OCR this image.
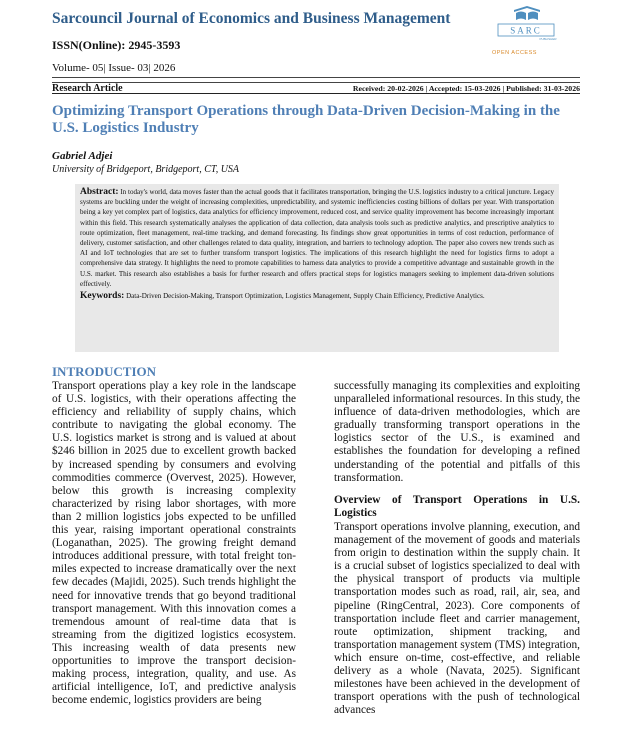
Sarcouncil Journal of Economics and Business Management
ISSN(Online): 2945-3593
Volume- 05| Issue- 03| 2026
SARC
PUBLISHER
OPEN ACCESS
Research Article	Received: 20-02-2026 | Accepted: 15-03-2026 | Published: 31-03-2026
Optimizing Transport Operations through Data-Driven Decision-Making in the U.S. Logistics Industry
Gabriel Adjei
University of Bridgeport, Bridgeport, CT, USA
Abstract: In today's world, data moves faster than the actual goods that it facilitates transportation, bringing the U.S. logistics industry to a critical juncture. Legacy systems are buckling under the weight of increasing complexities, unpredictability, and systemic inefficiencies costing billions of dollars per year. With transportation being a key yet complex part of logistics, data analytics for efficiency improvement, reduced cost, and service quality improvement has become increasingly important within this field. This research systematically analyses the application of data collection, data analysis tools such as predictive analytics, and prescriptive analytics to route optimization, fleet management, real-time tracking, and demand forecasting. Its findings show great opportunities in terms of cost reduction, performance of delivery, customer satisfaction, and other challenges related to data quality, integration, and barriers to technology adoption. The paper also covers new trends such as AI and IoT technologies that are set to further transform transport logistics. The implications of this research highlight the need for logistics firms to adopt a comprehensive data strategy. It highlights the need to promote capabilities to harness data analytics to provide a competitive advantage and sustainable growth in the U.S. market. This research also establishes a basis for further research and offers practical steps for logistics managers seeking to implement data-driven solutions effectively.
Keywords: Data-Driven Decision-Making, Transport Optimization, Logistics Management, Supply Chain Efficiency, Predictive Analytics.
INTRODUCTION

Transport operations play a key role in the landscape of U.S. logistics, with their operations affecting the efficiency and reliability of supply chains, which contribute to navigating the global economy. The U.S. logistics market is strong and is valued at about $246 billion in 2025 due to excellent growth backed by increased spending by consumers and evolving commodities commerce (Overvest, 2025). However, below this growth is increasing complexity characterized by rising labor shortages, with more than 2 million logistics jobs expected to be unfilled this year, raising important operational constraints (Loganathan, 2025). The growing freight demand introduces additional pressure, with total freight ton-miles expected to increase dramatically over the next few decades (Majidi, 2025). Such trends highlight the need for innovative trends that go beyond traditional transport management. With this innovation comes a tremendous amount of real-time data that is streaming from the digitized logistics ecosystem. This increasing wealth of data presents new opportunities to improve the transport decision-making process, integration, quality, and use. As artificial intelligence, IoT, and predictive analysis become endemic, logistics providers are being

successfully managing its complexities and exploiting unparalleled informational resources. In this study, the influence of data-driven methodologies, which are gradually transforming transport operations in the logistics sector of the U.S., is examined and establishes the foundation for developing a refined understanding of the potential and pitfalls of this transformation.

Overview of Transport Operations in U.S. Logistics

Transport operations involve planning, execution, and management of the movement of goods and materials from origin to destination within the supply chain. It is a crucial subset of logistics specialized to deal with the physical transport of products via multiple transportation modes such as road, rail, air, sea, and pipeline (RingCentral, 2023). Core components of transportation include fleet and carrier management, route optimization, shipment tracking, and transportation management system (TMS) integration, which ensure on-time, cost-effective, and reliable delivery as a whole (Navata, 2025). Significant milestones have been achieved in the development of transport operations with the push of technological advances
